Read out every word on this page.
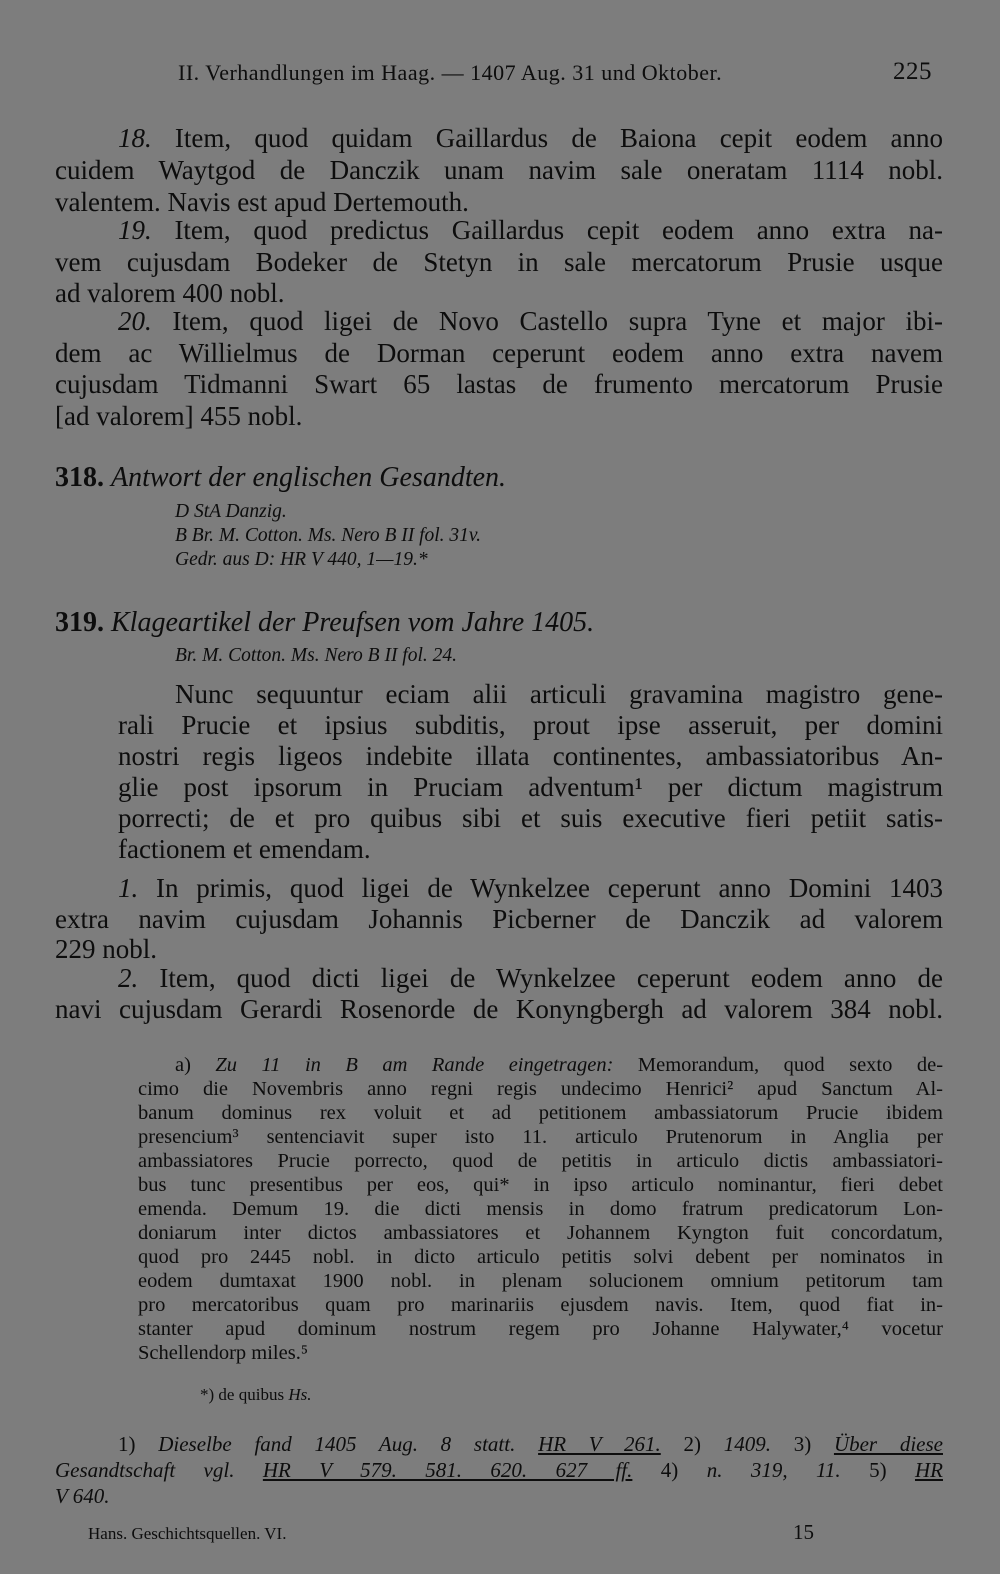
II. Verhandlungen im Haag. — 1407 Aug. 31 und Oktober.	225

18. Item, quod quidam Gaillardus de Baiona cepit eodem anno

cuidem Waytgod de Danczik unam navim sale oneratam 1114 nobl.

valentem. Navis est apud Dertemouth.

19. Item, quod predictus Gaillardus cepit eodem anno extra na-

vem cujusdam Bodeker de Stetyn in sale mercatorum Prusie usque

ad valorem 400 nobl.

20. Item, quod ligei de Novo Castello supra Tyne et major ibi-

dem ac Willielmus de Dorman ceperunt eodem anno extra navem

cujusdam Tidmanni Swart 65 lastas de frumento mercatorum Prusie

[ad valorem] 455 nobl.

318. Antwort der englischen Gesandten.
D StA Danzig.
B Br. M. Cotton. Ms. Nero B II fol. 31v.
Gedr. aus D: HR V 440, 1—19.*
319. Klageartikel der Preufsen vom Jahre 1405.
Br. M. Cotton. Ms. Nero B II fol. 24.

Nunc sequuntur eciam alii articuli gravamina magistro gene-

rali Prucie et ipsius subditis, prout ipse asseruit, per domini

nostri regis ligeos indebite illata continentes, ambassiatoribus An-

glie post ipsorum in Pruciam adventum¹ per dictum magistrum

porrecti; de et pro quibus sibi et suis executive fieri petiit satis-

factionem et emendam.

1. In primis, quod ligei de Wynkelzee ceperunt anno Domini 1403

extra navim cujusdam Johannis Picberner de Danczik ad valorem

229 nobl.

2. Item, quod dicti ligei de Wynkelzee ceperunt eodem anno de

navi cujusdam Gerardi Rosenorde de Konyngbergh ad valorem 384 nobl.

a) Zu 11 in B am Rande eingetragen: Memorandum, quod sexto de-

cimo die Novembris anno regni regis undecimo Henrici² apud Sanctum Al-

banum dominus rex voluit et ad petitionem ambassiatorum Prucie ibidem

presencium³ sentenciavit super isto 11. articulo Prutenorum in Anglia per

ambassiatores Prucie porrecto, quod de petitis in articulo dictis ambassiatori-

bus tunc presentibus per eos, qui* in ipso articulo nominantur, fieri debet

emenda. Demum 19. die dicti mensis in domo fratrum predicatorum Lon-

doniarum inter dictos ambassiatores et Johannem Kyngton fuit concordatum,

quod pro 2445 nobl. in dicto articulo petitis solvi debent per nominatos in

eodem dumtaxat 1900 nobl. in plenam solucionem omnium petitorum tam

pro mercatoribus quam pro marinariis ejusdem navis. Item, quod fiat in-

stanter apud dominum nostrum regem pro Johanne Halywater,⁴ vocetur

Schellendorp miles.⁵

*) de quibus Hs.

1) Dieselbe fand 1405 Aug. 8 statt. HR V 261. 2) 1409. 3) Über diese

Gesandtschaft vgl. HR V 579. 581. 620. 627 ff. 4) n. 319, 11. 5) HR

V 640.

Hans. Geschichtsquellen. VI.	15
